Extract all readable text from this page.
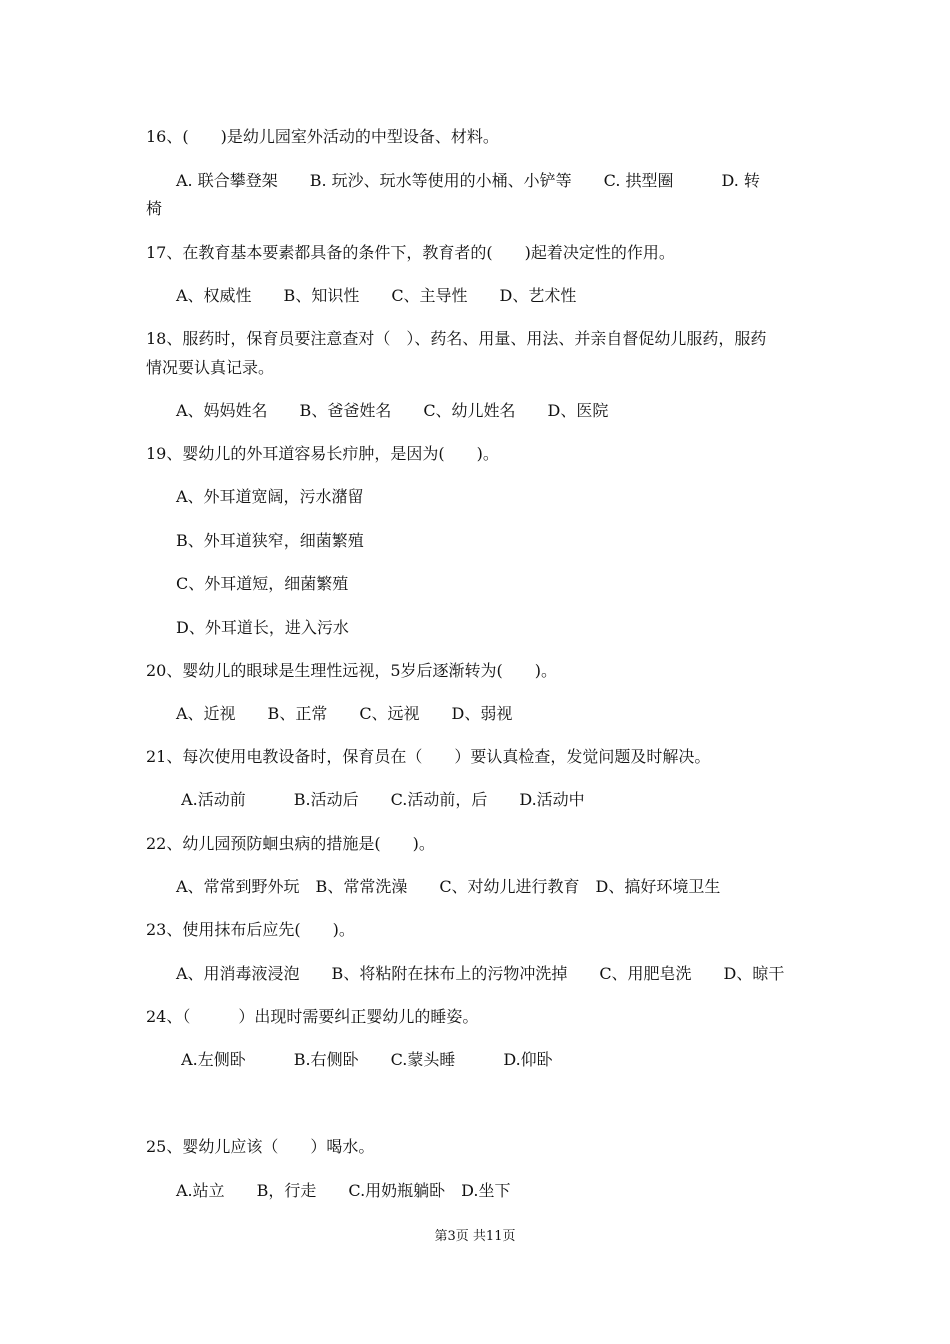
16、(　　)是幼儿园室外活动的中型设备、材料。
A. 联合攀登架　　B. 玩沙、玩水等使用的小桶、小铲等　　C. 拱型圈　　　D. 转
椅
17、在教育基本要素都具备的条件下，教育者的(　　)起着决定性的作用。
A、权威性　　B、知识性　　C、主导性　　D、艺术性
18、服药时，保育员要注意查对（　）、药名、用量、用法、并亲自督促幼儿服药，服药
情况要认真记录。
A、妈妈姓名　　B、爸爸姓名　　C、幼儿姓名　　D、医院
19、婴幼儿的外耳道容易长疖肿，是因为(　　)。
A、外耳道宽阔，污水潴留
B、外耳道狭窄，细菌繁殖
C、外耳道短，细菌繁殖
D、外耳道长，进入污水
20、婴幼儿的眼球是生理性远视，5岁后逐渐转为(　　)。
A、近视　　B、正常　　C、远视　　D、弱视
21、每次使用电教设备时，保育员在（　　）要认真检查，发觉问题及时解决。
A.活动前　　　B.活动后　　C.活动前，后　　D.活动中
22、幼儿园预防蛔虫病的措施是(　　)。
A、常常到野外玩　B、常常洗澡　　C、对幼儿进行教育　D、搞好环境卫生
23、使用抹布后应先(　　)。
A、用消毒液浸泡　　B、将粘附在抹布上的污物冲洗掉　　C、用肥皂洗　　D、晾干
24、（　　　）出现时需要纠正婴幼儿的睡姿。
A.左侧卧　　　B.右侧卧　　C.蒙头睡　　　D.仰卧
25、婴幼儿应该（　　）喝水。
A.站立　　B，行走　　C.用奶瓶躺卧　D.坐下
第3页 共11页
